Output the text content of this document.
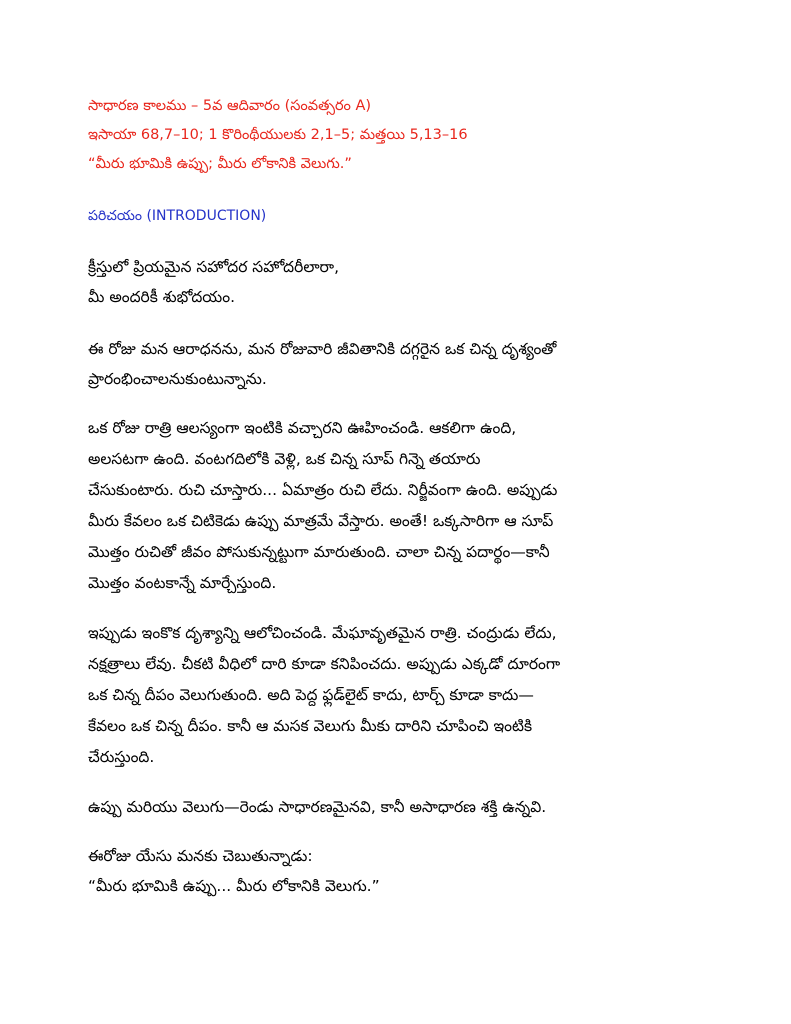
సాధారణ కాలము – 5వ ఆదివారం (సంవత్సరం A)
ఇసాయా 68,7–10; 1 కొరింథీయులకు 2,1–5; మత్తయి 5,13–16
“మీరు భూమికి ఉప్పు; మీరు లోకానికి వెలుగు.”
పరిచయం (INTRODUCTION)
క్రీస్తులో ప్రియమైన సహోదర సహోదరీలారా,
మీ అందరికీ శుభోదయం.
ఈ రోజు మన ఆరాధనను, మన రోజువారి జీవితానికి దగ్గరైన ఒక చిన్న దృశ్యంతో
ప్రారంభించాలనుకుంటున్నాను.
ఒక రోజు రాత్రి ఆలస్యంగా ఇంటికి వచ్చారని ఊహించండి. ఆకలిగా ఉంది,
అలసటగా ఉంది. వంటగదిలోకి వెళ్లి, ఒక చిన్న సూప్ గిన్నె తయారు
చేసుకుంటారు. రుచి చూస్తారు... ఏమాత్రం రుచి లేదు. నిర్జీవంగా ఉంది. అప్పుడు
మీరు కేవలం ఒక చిటికెడు ఉప్పు మాత్రమే వేస్తారు. అంతే! ఒక్కసారిగా ఆ సూప్
మొత్తం రుచితో జీవం పోసుకున్నట్టుగా మారుతుంది. చాలా చిన్న పదార్థం—కానీ
మొత్తం వంటకాన్నే మార్చేస్తుంది.
ఇప్పుడు ఇంకొక దృశ్యాన్ని ఆలోచించండి. మేఘావృతమైన రాత్రి. చంద్రుడు లేదు,
నక్షత్రాలు లేవు. చీకటి వీధిలో దారి కూడా కనిపించదు. అప్పుడు ఎక్కడో దూరంగా
ఒక చిన్న దీపం వెలుగుతుంది. అది పెద్ద ఫ్లడ్‌లైట్ కాదు, టార్చ్ కూడా కాదు—
కేవలం ఒక చిన్న దీపం. కానీ ఆ మసక వెలుగు మీకు దారిని చూపించి ఇంటికి
చేరుస్తుంది.
ఉప్పు మరియు వెలుగు—రెండు సాధారణమైనవి, కానీ అసాధారణ శక్తి ఉన్నవి.
ఈరోజు యేసు మనకు చెబుతున్నాడు:
“మీరు భూమికి ఉప్పు... మీరు లోకానికి వెలుగు.”
